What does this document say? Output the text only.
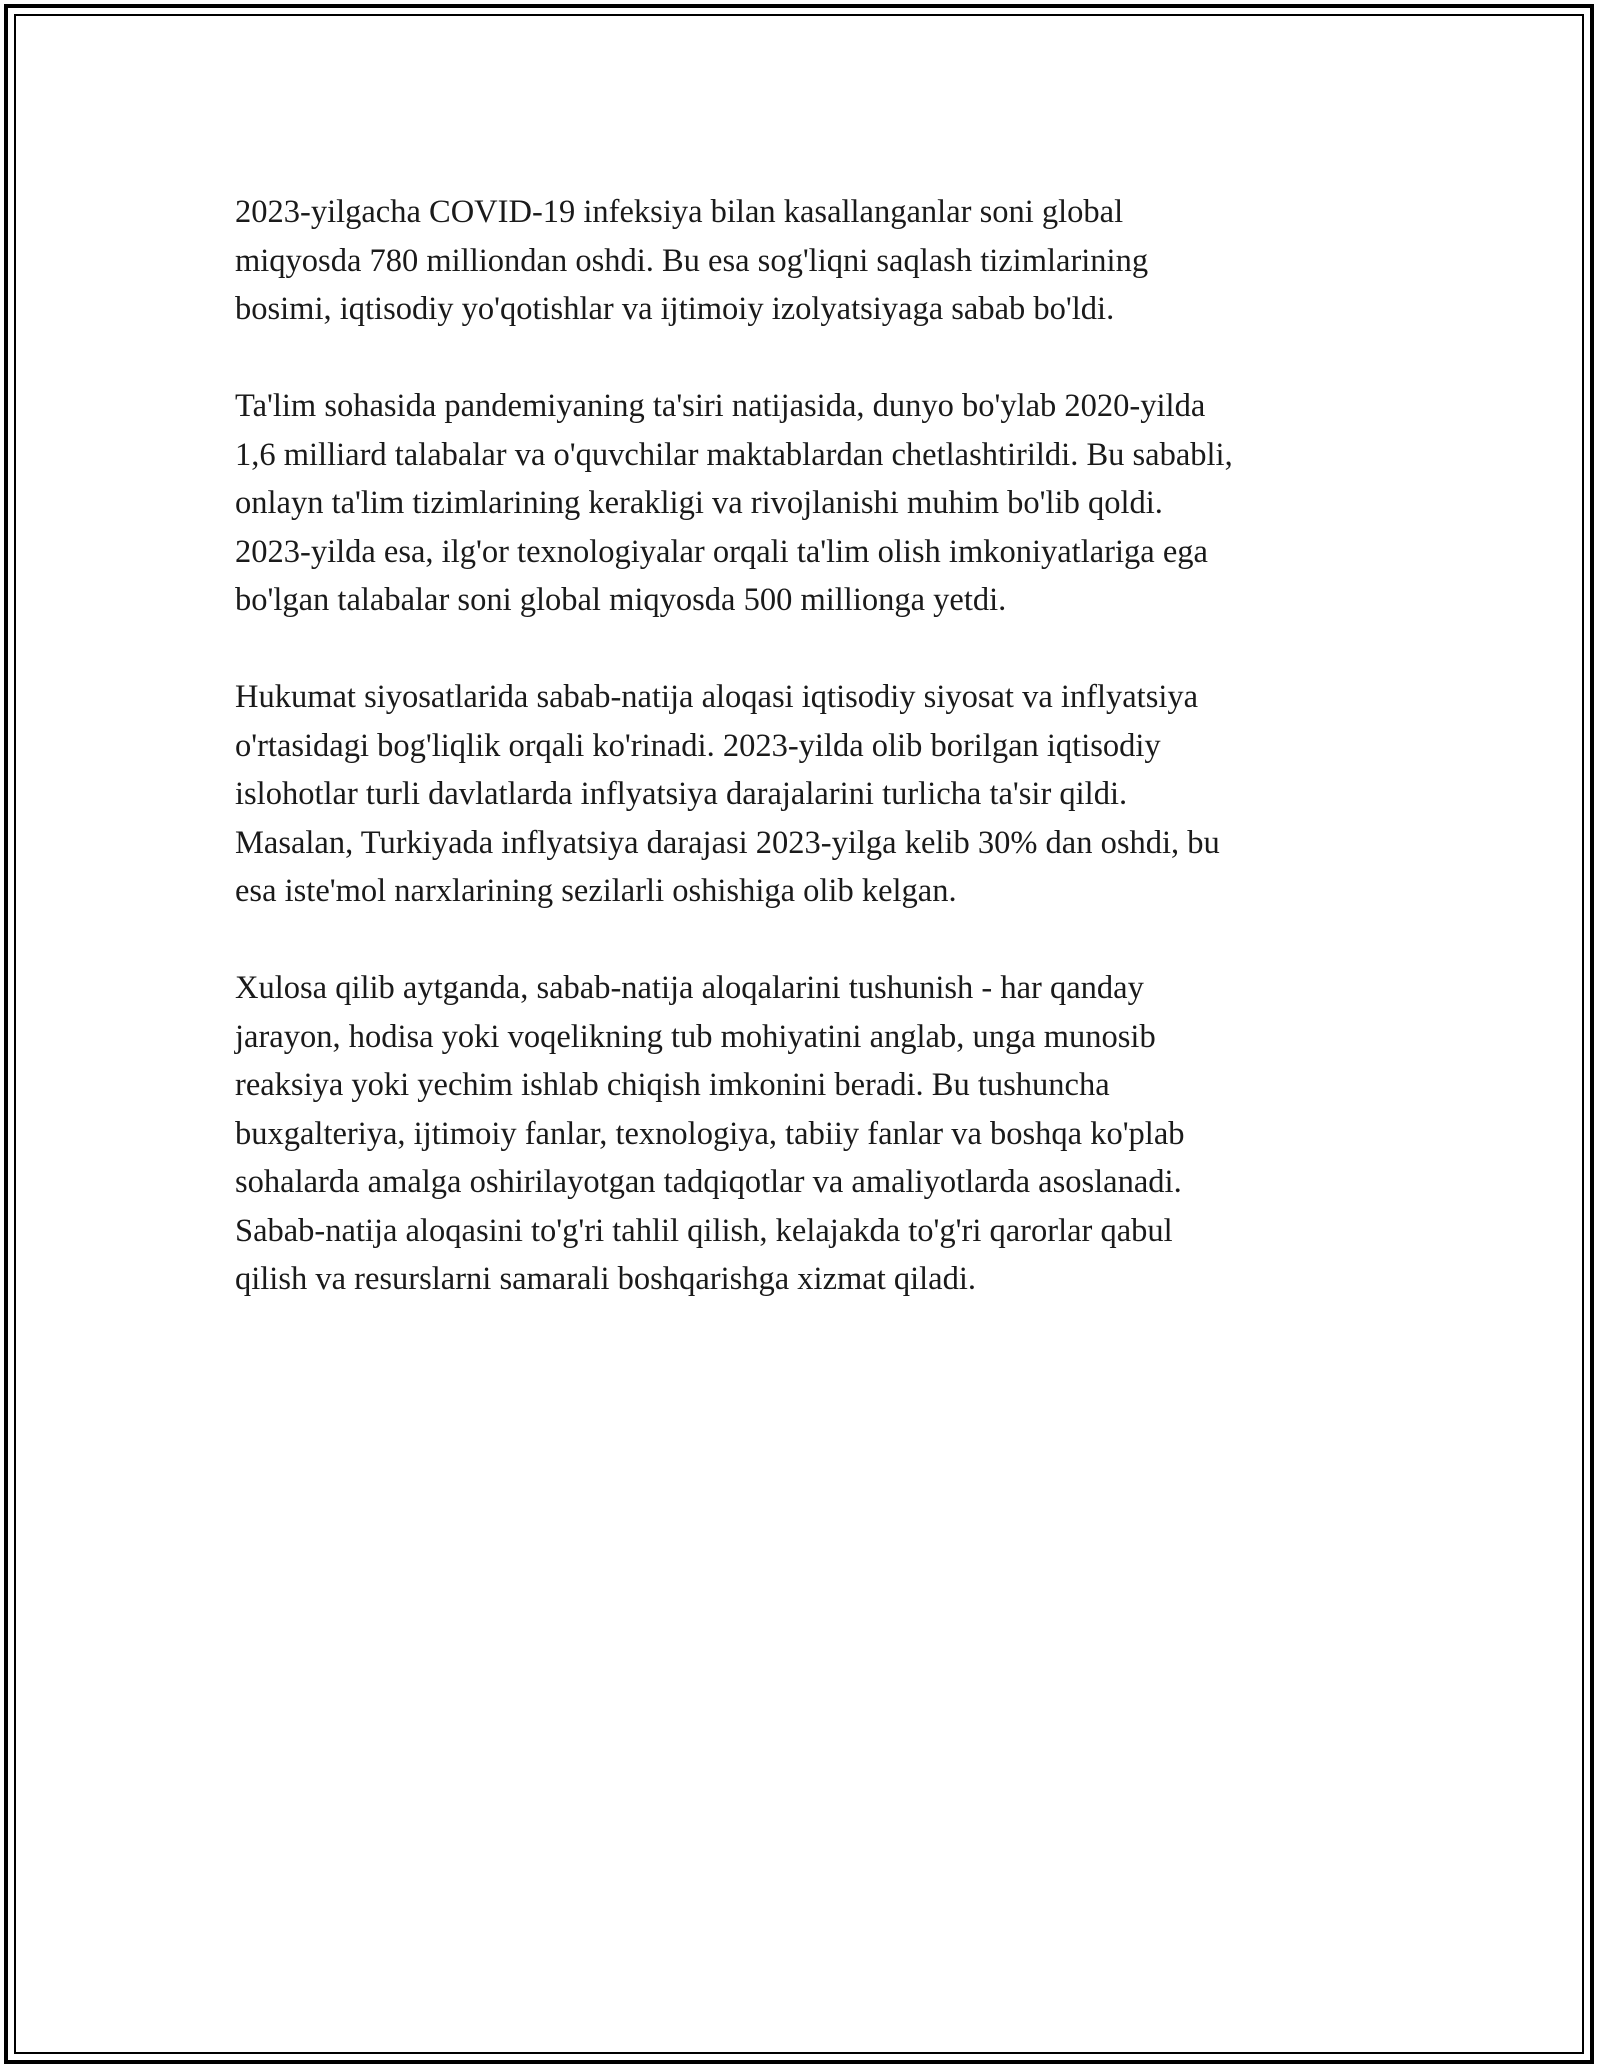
2023-yilgacha COVID-19 infeksiya bilan kasallanganlar soni global
miqyosda 780 milliondan oshdi. Bu esa sog'liqni saqlash tizimlarining
bosimi, iqtisodiy yo'qotishlar va ijtimoiy izolyatsiyaga sabab bo'ldi.

Ta'lim sohasida pandemiyaning ta'siri natijasida, dunyo bo'ylab 2020-yilda
1,6 milliard talabalar va o'quvchilar maktablardan chetlashtirildi. Bu sababli,
onlayn ta'lim tizimlarining kerakligi va rivojlanishi muhim bo'lib qoldi.
2023-yilda esa, ilg'or texnologiyalar orqali ta'lim olish imkoniyatlariga ega
bo'lgan talabalar soni global miqyosda 500 millionga yetdi.

Hukumat siyosatlarida sabab-natija aloqasi iqtisodiy siyosat va inflyatsiya
o'rtasidagi bog'liqlik orqali ko'rinadi. 2023-yilda olib borilgan iqtisodiy
islohotlar turli davlatlarda inflyatsiya darajalarini turlicha ta'sir qildi.
Masalan, Turkiyada inflyatsiya darajasi 2023-yilga kelib 30% dan oshdi, bu
esa iste'mol narxlarining sezilarli oshishiga olib kelgan.

Xulosa qilib aytganda, sabab-natija aloqalarini tushunish - har qanday
jarayon, hodisa yoki voqelikning tub mohiyatini anglab, unga munosib
reaksiya yoki yechim ishlab chiqish imkonini beradi. Bu tushuncha
buxgalteriya, ijtimoiy fanlar, texnologiya, tabiiy fanlar va boshqa ko'plab
sohalarda amalga oshirilayotgan tadqiqotlar va amaliyotlarda asoslanadi.
Sabab-natija aloqasini to'g'ri tahlil qilish, kelajakda to'g'ri qarorlar qabul
qilish va resurslarni samarali boshqarishga xizmat qiladi.
